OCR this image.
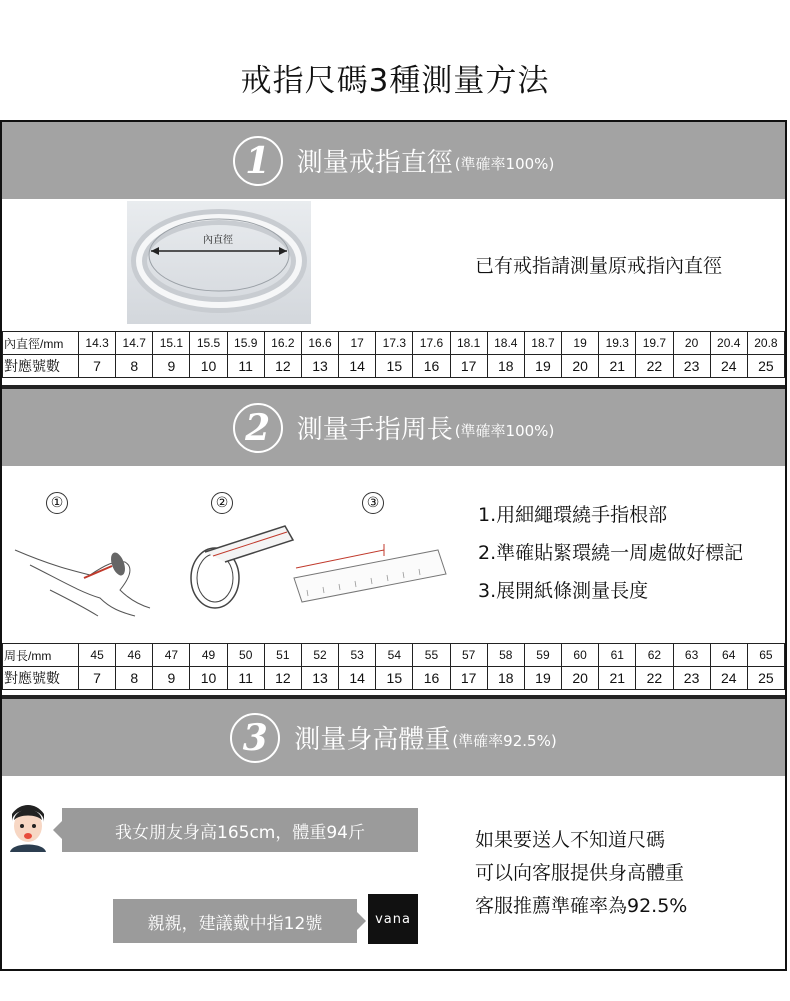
戒指尺碼3種測量方法
1	測量戒指直徑 (準確率100%)
內直徑
已有戒指請測量原戒指內直徑
內直徑/mm	14.3	14.7	15.1	15.5	15.9	16.2	16.6	17	17.3	17.6	18.1	18.4	18.7	19	19.3	19.7	20	20.4	20.8
對應號數	7	8	9	10	11	12	13	14	15	16	17	18	19	20	21	22	23	24	25
2	測量手指周長 (準確率100%)
①	②	③
1.用細繩環繞手指根部
2.準確貼緊環繞一周處做好標記
3.展開紙條測量長度
周長/mm	45	46	47	49	50	51	52	53	54	55	57	58	59	60	61	62	63	64	65
對應號數	7	8	9	10	11	12	13	14	15	16	17	18	19	20	21	22	23	24	25
3	測量身高體重 (準確率92.5%)
我女朋友身高165cm，體重94斤
親親，建議戴中指12號	vana
如果要送人不知道尺碼
可以向客服提供身高體重
客服推薦準確率為92.5%
